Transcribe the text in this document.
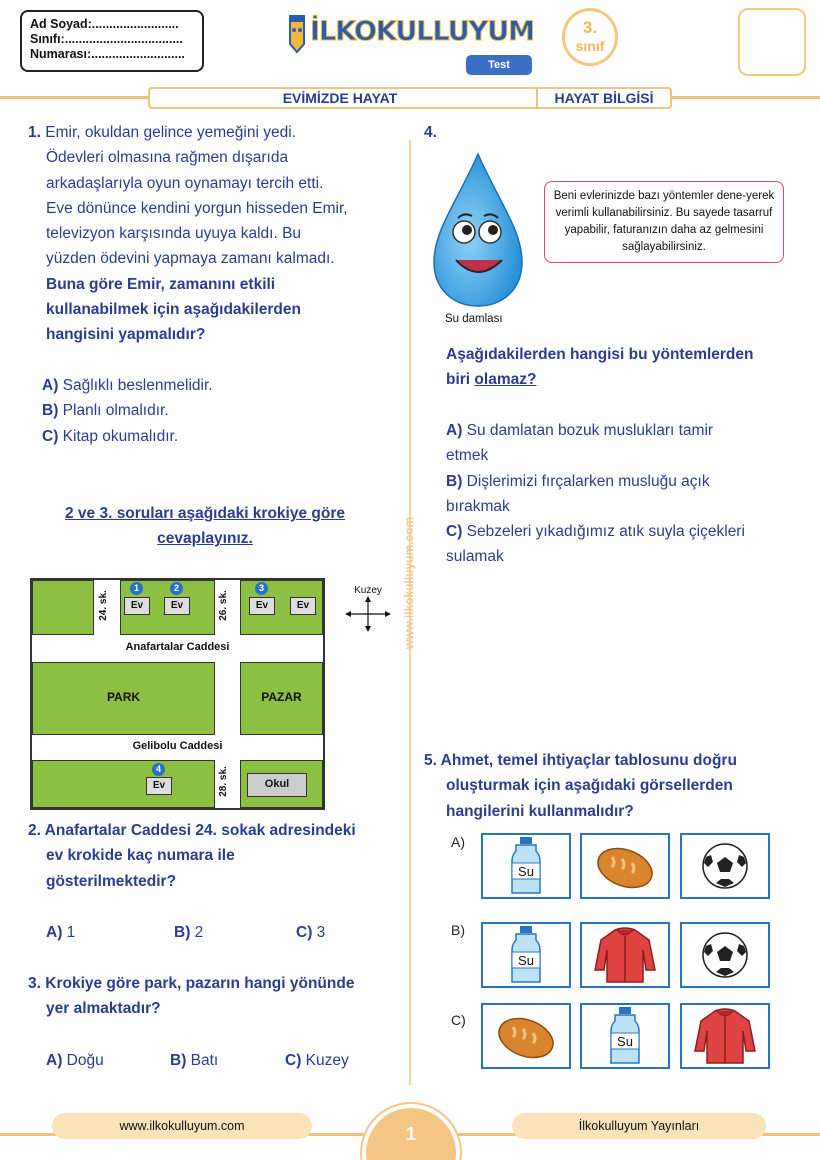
Ad Soyad:.........................
Sınıfı:..................................
Numarası:...........................
İLKOKULLUYUM
Test
3.
sınıf
EVİMİZDE HAYAT	HAYAT BİLGİSİ
www.ilkokulluyum.com
1. Emir, okuldan gelince yemeğini yedi.
Ödevleri olmasına rağmen dışarıda
arkadaşlarıyla oyun oynamayı tercih etti.
Eve dönünce kendini yorgun hisseden Emir,
televizyon karşısında uyuya kaldı. Bu
yüzden ödevini yapmaya zamanı kalmadı.
Buna göre Emir, zamanını etkili
kullanabilmek için aşağıdakilerden
hangisini yapmalıdır?
A) Sağlıklı beslenmelidir.
B) Planlı olmalıdır.
C) Kitap okumalıdır.
2 ve 3. soruları aşağıdaki krokiye göre
cevaplayınız.
Ev	Ev	Ev	Ev
Ev
1	2	3
4
Okul
24. sk.	26. sk.
28. sk.
Anafartalar Caddesi
Gelibolu Caddesi
PARK	PAZAR
Kuzey
2. Anafartalar Caddesi 24. sokak adresindeki
ev krokide kaç numara ile
gösterilmektedir?
A) 1	B) 2	C) 3
3. Krokiye göre park, pazarın hangi yönünde
yer almaktadır?
A) Doğu	B) Batı	C) Kuzey
4.
Su damlası
Beni evlerinizde bazı yöntemler dene-yerek verimli kullanabilirsiniz. Bu sayede tasarruf yapabilir, faturanızın daha az gelmesini sağlayabilirsiniz.
Aşağıdakilerden hangisi bu yöntemlerden
biri olamaz?
A) Su damlatan bozuk muslukları tamir
etmek
B) Dişlerimizi fırçalarken musluğu açık
bırakmak
C) Sebzeleri yıkadığımız atık suyla çiçekleri
sulamak
5. Ahmet, temel ihtiyaçlar tablosunu doğru
oluşturmak için aşağıdaki görsellerden
hangilerini kullanmalıdır?
A)
B)
C)
Su
Su
Su
www.ilkokulluyum.com	İlkokulluyum Yayınları
1
